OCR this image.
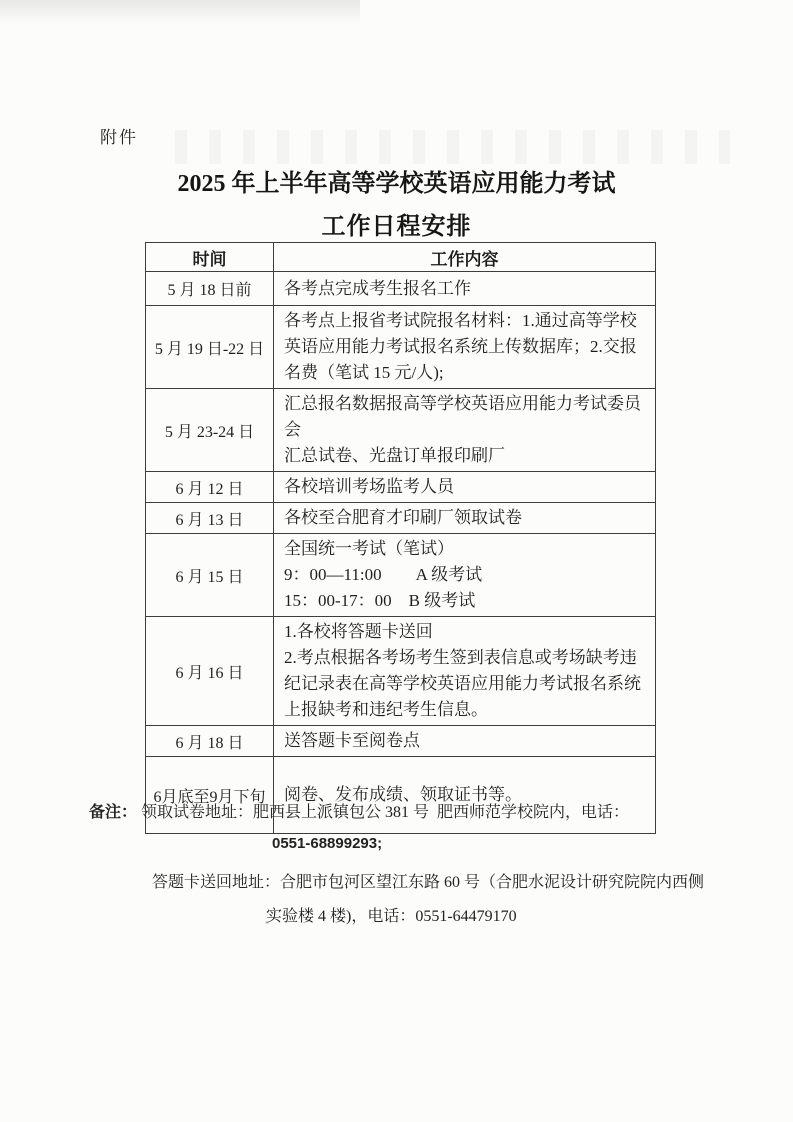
附件
2025 年上半年高等学校英语应用能力考试
工作日程安排
时间	工作内容
5 月 18 日前	各考点完成考生报名工作

5 月 19 日-22 日	各考点上报省考试院报名材料：1.通过高等学校英语应用能力考试报名系统上传数据库；2.交报名费（笔试 15 元/人);

5 月 23-24 日	汇总报名数据报高等学校英语应用能力考试委员会
汇总试卷、光盘订单报印刷厂

6 月 12 日	各校培训考场监考人员

6 月 13 日	各校至合肥育才印刷厂领取试卷

6 月 15 日	全国统一考试（笔试）
9：00—11:00　　A 级考试
15：00-17：00　B 级考试

6 月 16 日	1.各校将答题卡送回
2.考点根据各考场考生签到表信息或考场缺考违纪记录表在高等学校英语应用能力考试报名系统上报缺考和违纪考生信息。

6 月 18 日	送答题卡至阅卷点

6月底至9月下旬	阅卷、发布成绩、领取证书等。
备注： 领取试卷地址：肥西县上派镇包公 381 号  肥西师范学校院内，电话：
0551-68899293;
答题卡送回地址：合肥市包河区望江东路 60 号（合肥水泥设计研究院院内西侧
实验楼 4 楼)，电话：0551-64479170
